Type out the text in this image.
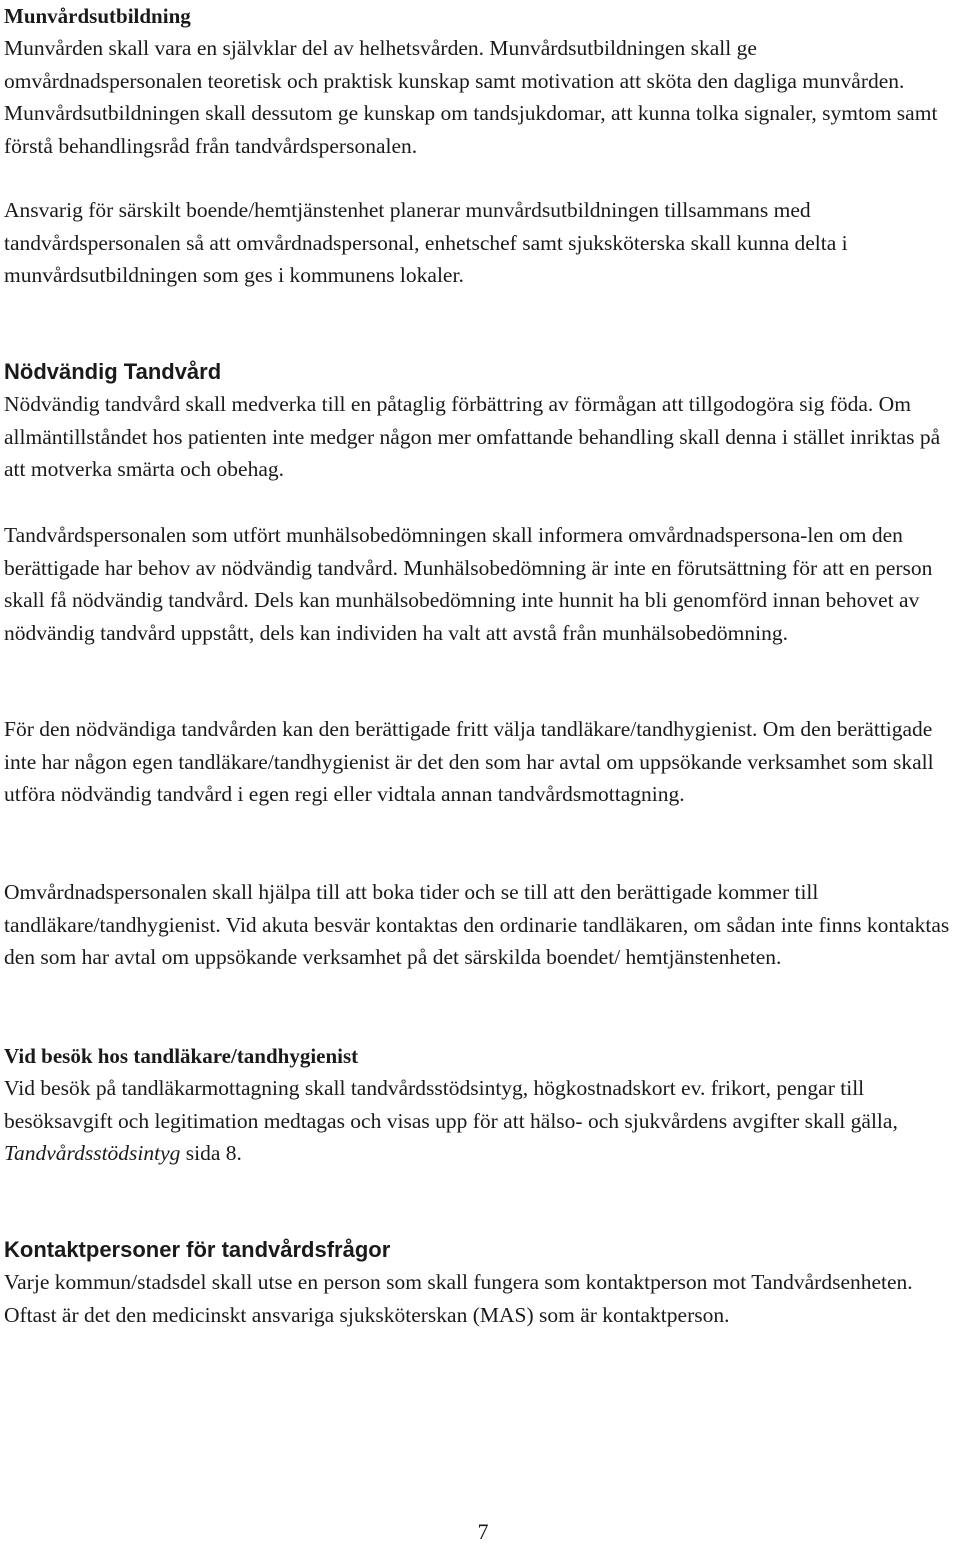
Munvårdsutbildning

Munvården skall vara en självklar del av helhetsvården. Munvårdsutbildningen skall ge omvårdnadspersonalen teoretisk och praktisk kunskap samt motivation att sköta den dagliga munvården. Munvårdsutbildningen skall dessutom ge kunskap om tandsjukdomar, att kunna tolka signaler, symtom samt förstå behandlingsråd från tandvårdspersonalen.

Ansvarig för särskilt boende/hemtjänstenhet planerar munvårdsutbildningen tillsammans med tandvårdspersonalen så att omvårdnadspersonal, enhetschef samt sjuksköterska skall kunna delta i munvårdsutbildningen som ges i kommunens lokaler.

Nödvändig Tandvård

Nödvändig tandvård skall medverka till en påtaglig förbättring av förmågan att tillgodogöra sig föda. Om allmäntillståndet hos patienten inte medger någon mer omfattande behandling skall denna i stället inriktas på att motverka smärta och obehag.

Tandvårdspersonalen som utfört munhälsobedömningen skall informera omvårdnadspersona-len om den berättigade har behov av nödvändig tandvård. Munhälsobedömning är inte en förutsättning för att en person skall få nödvändig tandvård. Dels kan munhälsobedömning inte hunnit ha bli genomförd innan behovet av nödvändig tandvård uppstått, dels kan individen ha valt att avstå från munhälsobedömning.

För den nödvändiga tandvården kan den berättigade fritt välja tandläkare/tandhygienist. Om den berättigade inte har någon egen tandläkare/tandhygienist är det den som har avtal om uppsökande verksamhet som skall utföra nödvändig tandvård i egen regi eller vidtala annan tandvårdsmottagning.

Omvårdnadspersonalen skall hjälpa till att boka tider och se till att den berättigade kommer till tandläkare/tandhygienist. Vid akuta besvär kontaktas den ordinarie tandläkaren, om sådan inte finns kontaktas den som har avtal om uppsökande verksamhet på det särskilda boendet/ hemtjänstenheten.

Vid besök hos tandläkare/tandhygienist

Vid besök på tandläkarmottagning skall tandvårdsstödsintyg, högkostnadskort ev. frikort, pengar till besöksavgift och legitimation medtagas och visas upp för att hälso- och sjukvårdens avgifter skall gälla, Tandvårdsstödsintyg sida 8.

Kontaktpersoner för tandvårdsfrågor

Varje kommun/stadsdel skall utse en person som skall fungera som kontaktperson mot Tandvårdsenheten. Oftast är det den medicinskt ansvariga sjuksköterskan (MAS) som är kontaktperson.

7
